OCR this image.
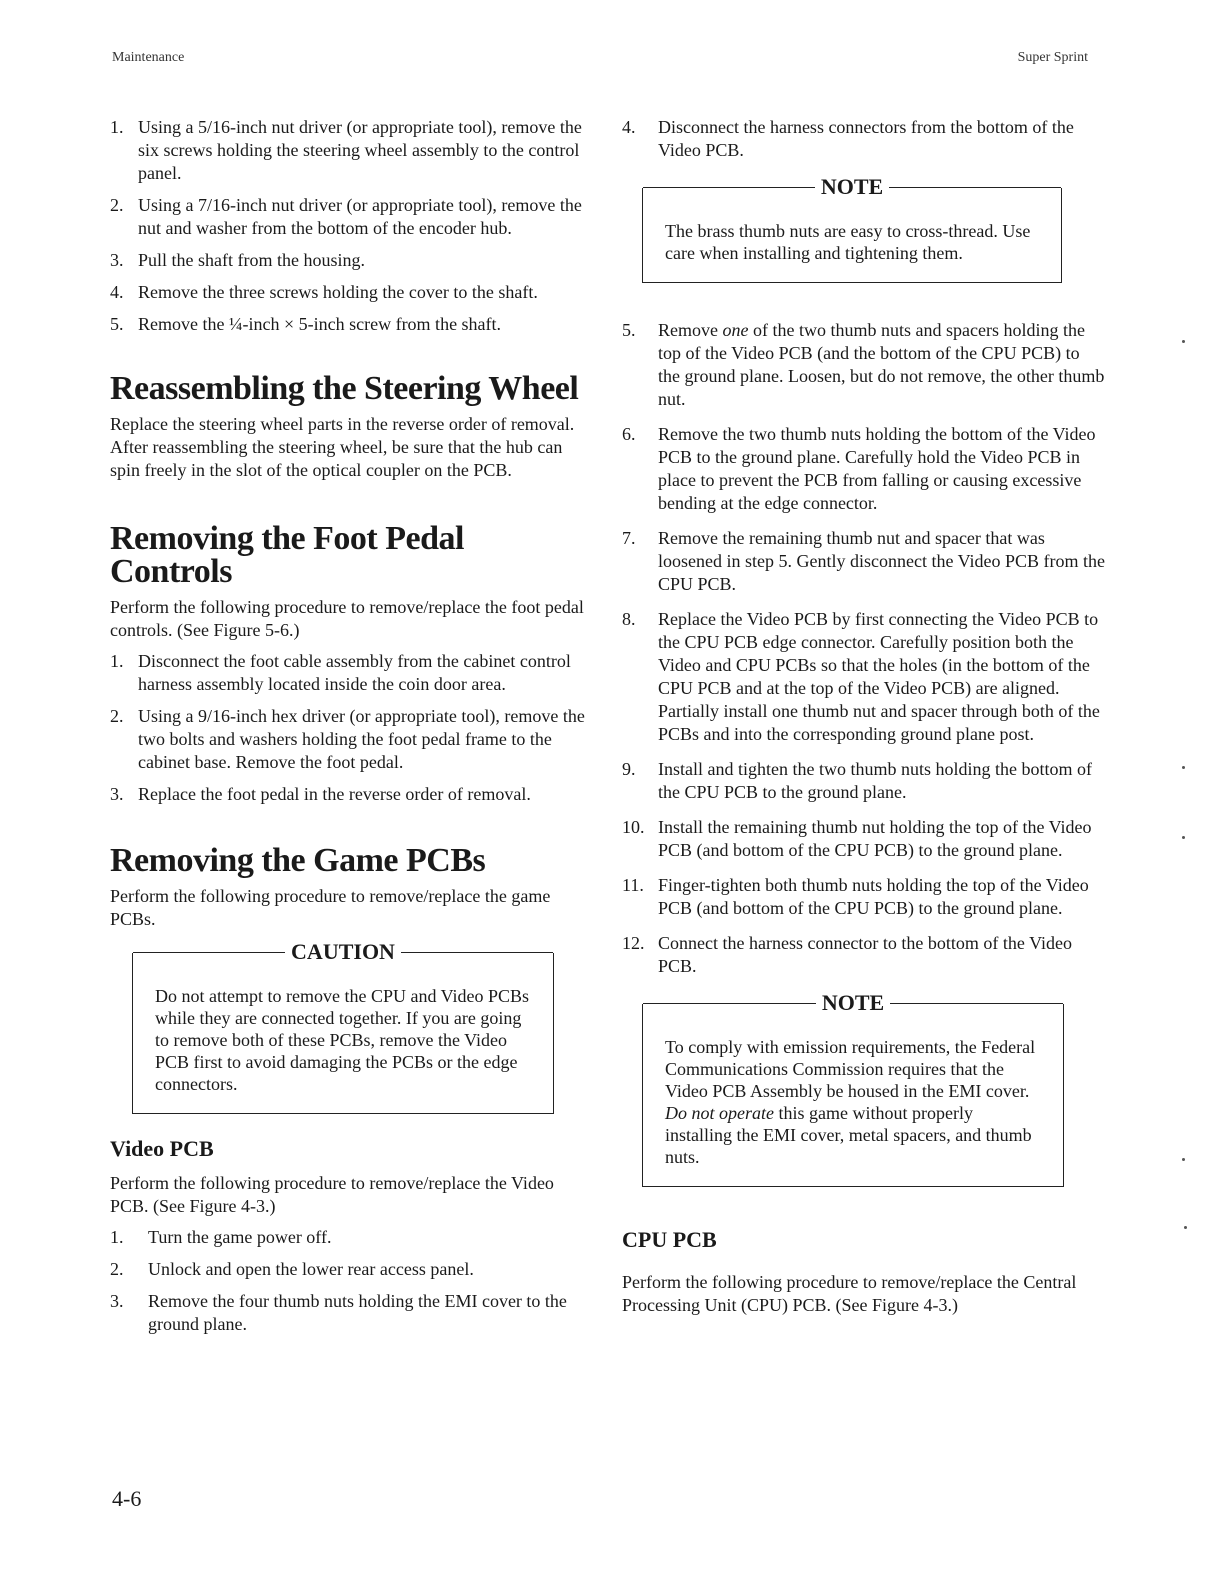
Maintenance	Super Sprint
1. Using a 5/16-inch nut driver (or appropriate tool), remove the six screws holding the steering wheel assembly to the control panel.
2. Using a 7/16-inch nut driver (or appropriate tool), remove the nut and washer from the bottom of the encoder hub.
3. Pull the shaft from the housing.
4. Remove the three screws holding the cover to the shaft.
5. Remove the ¼-inch × 5-inch screw from the shaft.
Reassembling the Steering Wheel

Replace the steering wheel parts in the reverse order of removal. After reassembling the steering wheel, be sure that the hub can spin freely in the slot of the optical coupler on the PCB.

Removing the Foot Pedal Controls

Perform the following procedure to remove/replace the foot pedal controls. (See Figure 5-6.)

1. Disconnect the foot cable assembly from the cabinet control harness assembly located inside the coin door area.
2. Using a 9/16-inch hex driver (or appropriate tool), remove the two bolts and washers holding the foot pedal frame to the cabinet base. Remove the foot pedal.
3. Replace the foot pedal in the reverse order of removal.
Removing the Game PCBs

Perform the following procedure to remove/replace the game PCBs.

CAUTION
Do not attempt to remove the CPU and Video PCBs while they are connected together. If you are going to remove both of these PCBs, remove the Video PCB first to avoid damaging the PCBs or the edge connectors.
Video PCB

Perform the following procedure to remove/replace the Video PCB. (See Figure 4-3.)

1. Turn the game power off.
2. Unlock and open the lower rear access panel.
3. Remove the four thumb nuts holding the EMI cover to the ground plane.
4. Disconnect the harness connectors from the bottom of the Video PCB.
NOTE
The brass thumb nuts are easy to cross-thread. Use care when installing and tightening them.
5. Remove one of the two thumb nuts and spacers holding the top of the Video PCB (and the bottom of the CPU PCB) to the ground plane. Loosen, but do not remove, the other thumb nut.
6. Remove the two thumb nuts holding the bottom of the Video PCB to the ground plane. Carefully hold the Video PCB in place to prevent the PCB from falling or causing excessive bending at the edge connector.
7. Remove the remaining thumb nut and spacer that was loosened in step 5. Gently disconnect the Video PCB from the CPU PCB.
8. Replace the Video PCB by first connecting the Video PCB to the CPU PCB edge connector. Carefully position both the Video and CPU PCBs so that the holes (in the bottom of the CPU PCB and at the top of the Video PCB) are aligned. Partially install one thumb nut and spacer through both of the PCBs and into the corresponding ground plane post.
9. Install and tighten the two thumb nuts holding the bottom of the CPU PCB to the ground plane.
10. Install the remaining thumb nut holding the top of the Video PCB (and bottom of the CPU PCB) to the ground plane.
11. Finger-tighten both thumb nuts holding the top of the Video PCB (and bottom of the CPU PCB) to the ground plane.
12. Connect the harness connector to the bottom of the Video PCB.
NOTE
To comply with emission requirements, the Federal Communications Commission requires that the Video PCB Assembly be housed in the EMI cover. Do not operate this game without properly installing the EMI cover, metal spacers, and thumb nuts.
CPU PCB

Perform the following procedure to remove/replace the Central Processing Unit (CPU) PCB. (See Figure 4-3.)

4-6
